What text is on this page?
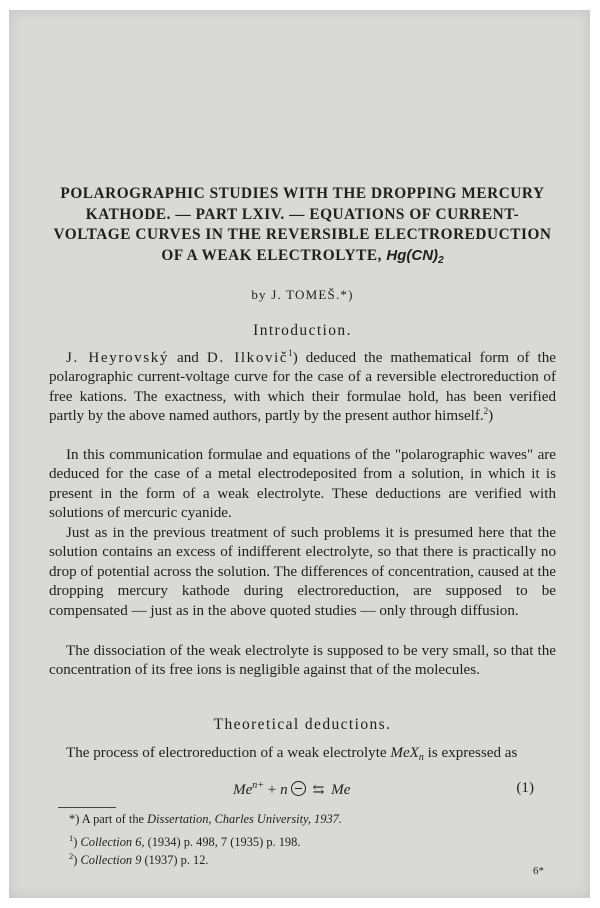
POLAROGRAPHIC STUDIES WITH THE DROPPING MERCURY
KATHODE. — PART LXIV. — EQUATIONS OF CURRENT-
VOLTAGE CURVES IN THE REVERSIBLE ELECTROREDUCTION
OF A WEAK ELECTROLYTE, $Hg(CN)_2$
by J. TOMEŠ.*)
Introduction.

J. Heyrovský and D. Ilkovič$^1$) deduced the mathematical form of the polarographic current-voltage curve for the case of a reversible electroreduction of free kations. The exactness, with which their formulae hold, has been verified partly by the above named authors, partly by the present author himself.$^2$)

In this communication formulae and equations of the "polarographic waves" are deduced for the case of a metal electrodeposited from a solution, in which it is present in the form of a weak electrolyte. These deductions are verified with solutions of mercuric cyanide.

Just as in the previous treatment of such problems it is presumed here that the solution contains an excess of indifferent electrolyte, so that there is practically no drop of potential across the solution. The differences of concentration, caused at the dropping mercury kathode during electroreduction, are supposed to be compensated — just as in the above quoted studies — only through diffusion.

The dissociation of the weak electrolyte is supposed to be very small, so that the concentration of its free ions is negligible against that of the molecules.

Theoretical deductions.

The process of electroreduction of a weak electrolyte MeX$_n$ is expressed as

$Me^{n+} + n$ ⇆ Me	(1)
*) A part of the Dissertation, Charles University, 1937.
$^1$) Collection 6, (1934) p. 498, 7 (1935) p. 198.
$^2$) Collection 9 (1937) p. 12.
6*
